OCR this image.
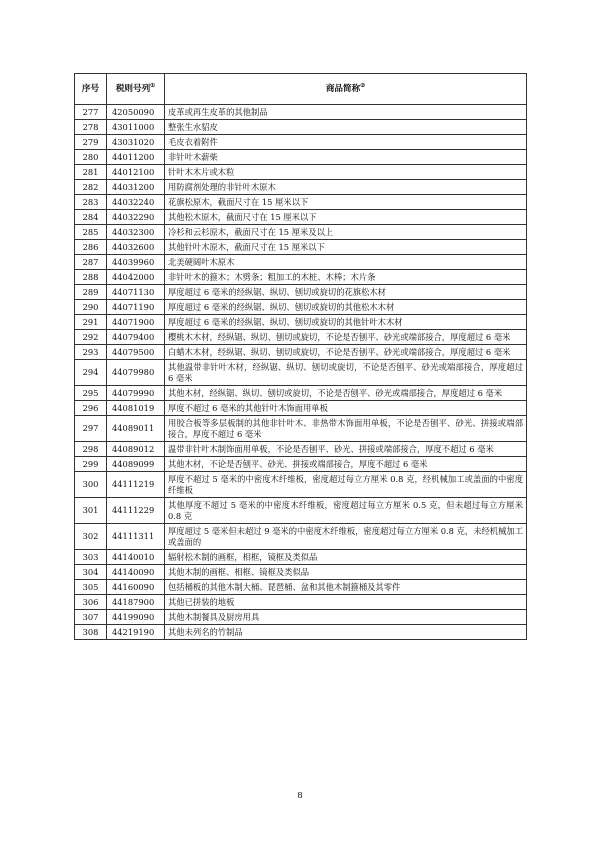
序号	税则号列①	商品简称②
277	42050090	皮革或再生皮革的其他制品
278	43011000	整张生水貂皮
279	43031020	毛皮衣着附件
280	44011200	非针叶木薪柴
281	44012100	针叶木木片或木粒
282	44031200	用防腐剂处理的非针叶木原木
283	44032240	花旗松原木，截面尺寸在 15 厘米以下
284	44032290	其他松木原木，截面尺寸在 15 厘米以下
285	44032300	冷杉和云杉原木，截面尺寸在 15 厘米及以上
286	44032600	其他针叶木原木，截面尺寸在 15 厘米以下
287	44039960	北美硬阔叶木原木
288	44042000	非针叶木的箍木；木劈条；粗加工的木桩、木棒；木片条
289	44071130	厚度超过 6 毫米的经纵锯、纵切、刨切或旋切的花旗松木材
290	44071190	厚度超过 6 毫米的经纵锯、纵切、刨切或旋切的其他松木木材
291	44071900	厚度超过 6 毫米的经纵锯、纵切、刨切或旋切的其他针叶木木材
292	44079400	樱桃木木材，经纵锯、纵切、刨切或旋切，不论是否刨平、砂光或端部接合，厚度超过 6 毫米
293	44079500	白蜡木木材，经纵锯、纵切、刨切或旋切，不论是否刨平、砂光或端部接合，厚度超过 6 毫米
294	44079980	其他温带非针叶木材，经纵锯、纵切、刨切或旋切，不论是否刨平、砂光或端部接合，厚度超过 6 毫米
295	44079990	其他木材，经纵锯、纵切、刨切或旋切，不论是否刨平、砂光或端部接合，厚度超过 6 毫米
296	44081019	厚度不超过 6 毫米的其他针叶木饰面用单板
297	44089011	用胶合板等多层板制的其他非针叶木、非热带木饰面用单板，不论是否刨平、砂光、拼接或端部接合，厚度不超过 6 毫米
298	44089012	温带非针叶木制饰面用单板，不论是否刨平、砂光、拼接或端部接合，厚度不超过 6 毫米
299	44089099	其他木材，不论是否刨平、砂光、拼接或端部接合，厚度不超过 6 毫米
300	44111219	厚度不超过 5 毫米的中密度木纤维板，密度超过每立方厘米 0.8 克，经机械加工或盖面的中密度纤维板
301	44111229	其他厚度不超过 5 毫米的中密度木纤维板，密度超过每立方厘米 0.5 克，但未超过每立方厘米 0.8 克
302	44111311	厚度超过 5 毫米但未超过 9 毫米的中密度木纤维板，密度超过每立方厘米 0.8 克，未经机械加工或盖面的
303	44140010	辐射松木制的画框，相框，镜框及类似品
304	44140090	其他木制的画框、相框、镜框及类似品
305	44160090	包括桶板的其他木制大桶、琵琶桶、盆和其他木制箍桶及其零件
306	44187900	其他已拼装的地板
307	44199090	其他木制餐具及厨房用具
308	44219190	其他未列名的竹制品
8
